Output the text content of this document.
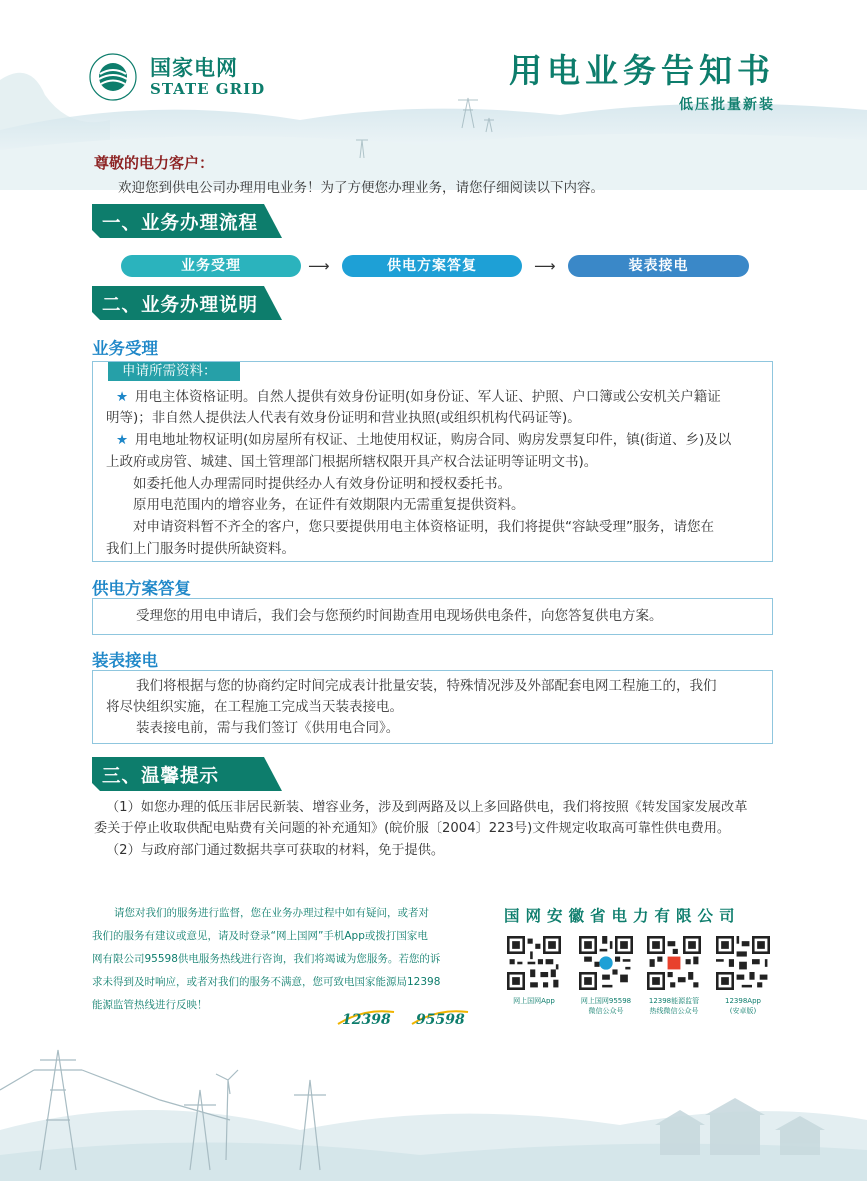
国家电网
STATE GRID	用电业务告知书
低压批量新装
尊敬的电力客户：
欢迎您到供电公司办理用电业务！为了方便您办理业务，请您仔细阅读以下内容。
一、业务办理流程
业务受理	⟶	供电方案答复	⟶	装表接电
二、业务办理说明
业务受理
申请所需资料：
★ 用电主体资格证明。自然人提供有效身份证明(如身份证、军人证、护照、户口簿或公安机关户籍证
明等)；非自然人提供法人代表有效身份证明和营业执照(或组织机构代码证等)。
★ 用电地址物权证明(如房屋所有权证、土地使用权证，购房合同、购房发票复印件，镇(街道、乡)及以
上政府或房管、城建、国土管理部门根据所辖权限开具产权合法证明等证明文书)。
如委托他人办理需同时提供经办人有效身份证明和授权委托书。
原用电范围内的增容业务，在证件有效期限内无需重复提供资料。
对申请资料暂不齐全的客户，您只要提供用电主体资格证明，我们将提供“容缺受理”服务，请您在
我们上门服务时提供所缺资料。
供电方案答复
受理您的用电申请后，我们会与您预约时间勘查用电现场供电条件，向您答复供电方案。
装表接电
我们将根据与您的协商约定时间完成表计批量安装，特殊情况涉及外部配套电网工程施工的，我们
将尽快组织实施，在工程施工完成当天装表接电。
装表接电前，需与我们签订《供用电合同》。
三、温馨提示
（1）如您办理的低压非居民新装、增容业务，涉及到两路及以上多回路供电，我们将按照《转发国家发展改革
委关于停止收取供配电贴费有关问题的补充通知》(皖价服〔2004〕223号)文件规定收取高可靠性供电费用。
（2）与政府部门通过数据共享可获取的材料，免于提供。

请您对我们的服务进行监督，您在业务办理过程中如有疑问，或者对

我们的服务有建议或意见，请及时登录“网上国网”手机App或拨打国家电

网有限公司95598供电服务热线进行咨询，我们将竭诚为您服务。若您的诉

求未得到及时响应，或者对我们的服务不满意，您可致电国家能源局12398

能源监管热线进行反映！

12398 95598
国网安徽省电力有限公司
网上国网App	网上国网95598
微信公众号
12398能源监管
热线微信公众号
12398App
(安卓版)
